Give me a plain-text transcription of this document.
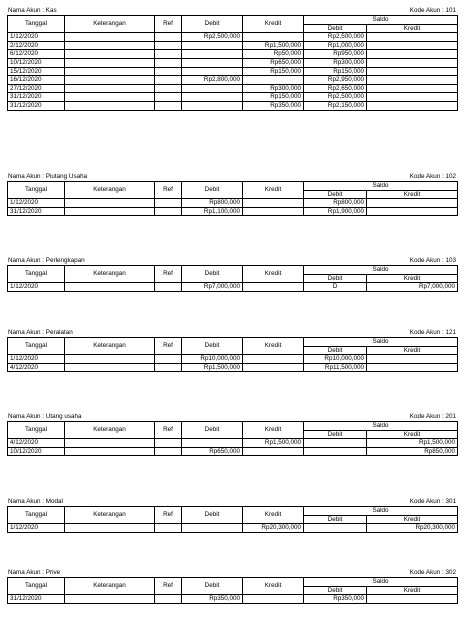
Nama Akun : Kas	Kode Akun : 101
Tanggal	Keterangan	Ref	Debit	Kredit	Saldo	
					Debit	Kredit
1/12/2020			Rp2,500,000		Rp2,500,000	
2/12/2020				Rp1,500,000	Rp1,000,000	
6/12/2020				Rp50,000	Rp950,000	
10/12/2020				Rp650,000	Rp300,000	
15/12/2020				Rp150,000	Rp150,000	
16/12/2020			Rp2,800,000		Rp2,950,000	
27/12/2020				Rp300,000	Rp2,650,000	
31/12/2020				Rp150,000	Rp2,500,000	
31/12/2020				Rp350,000	Rp2,150,000	
Nama Akun : Piutang Usaha	Kode Akun : 102
Tanggal	Keterangan	Ref	Debit	Kredit	Saldo	
					Debit	Kredit
1/12/2020			Rp800,000		Rp800,000	
31/12/2020			Rp1,100,000		Rp1,900,000	
Nama Akun : Perlengkapan	Kode Akun : 103
Tanggal	Keterangan	Ref	Debit	Kredit	Saldo	
					Debit	Kredit
1/12/2020			Rp7,000,000		D	Rp7,000,000
Nama Akun : Peralatan	Kode Akun : 121
Tanggal	Keterangan	Ref	Debit	Kredit	Saldo	
					Debit	Kredit
1/12/2020			Rp10,000,000		Rp10,000,000	
4/12/2020			Rp1,500,000		Rp11,500,000	
Nama Akun : Utang usaha	Kode Akun : 201
Tanggal	Keterangan	Ref	Debit	Kredit	Saldo	
					Debit	Kredit
4/12/2020				Rp1,500,000		Rp1,500,000
10/12/2020			Rp650,000			Rp850,000
Nama Akun : Modal	Kode Akun : 301
Tanggal	Keterangan	Ref	Debit	Kredit	Saldo	
					Debit	Kredit
1/12/2020				Rp20,300,000		Rp20,300,000
Nama Akun : Prive	Kode Akun : 302
Tanggal	Keterangan	Ref	Debit	Kredit	Saldo	
					Debit	Kredit
31/12/2020			Rp350,000		Rp350,000	
